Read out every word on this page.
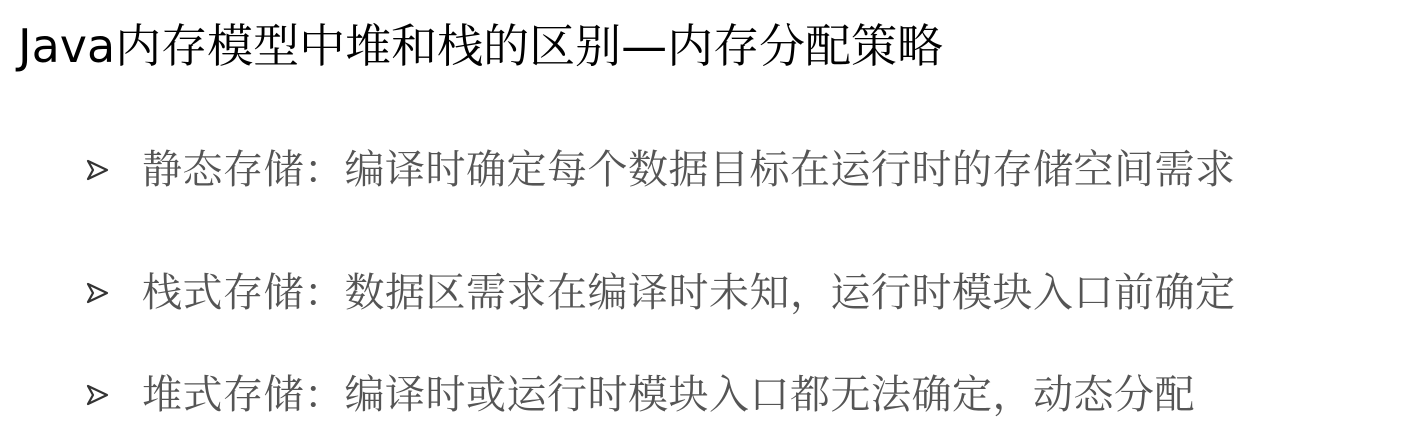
Java内存模型中堆和栈的区别—内存分配策略
静态存储：编译时确定每个数据目标在运行时的存储空间需求
栈式存储：数据区需求在编译时未知，运行时模块入口前确定
堆式存储：编译时或运行时模块入口都无法确定，动态分配
